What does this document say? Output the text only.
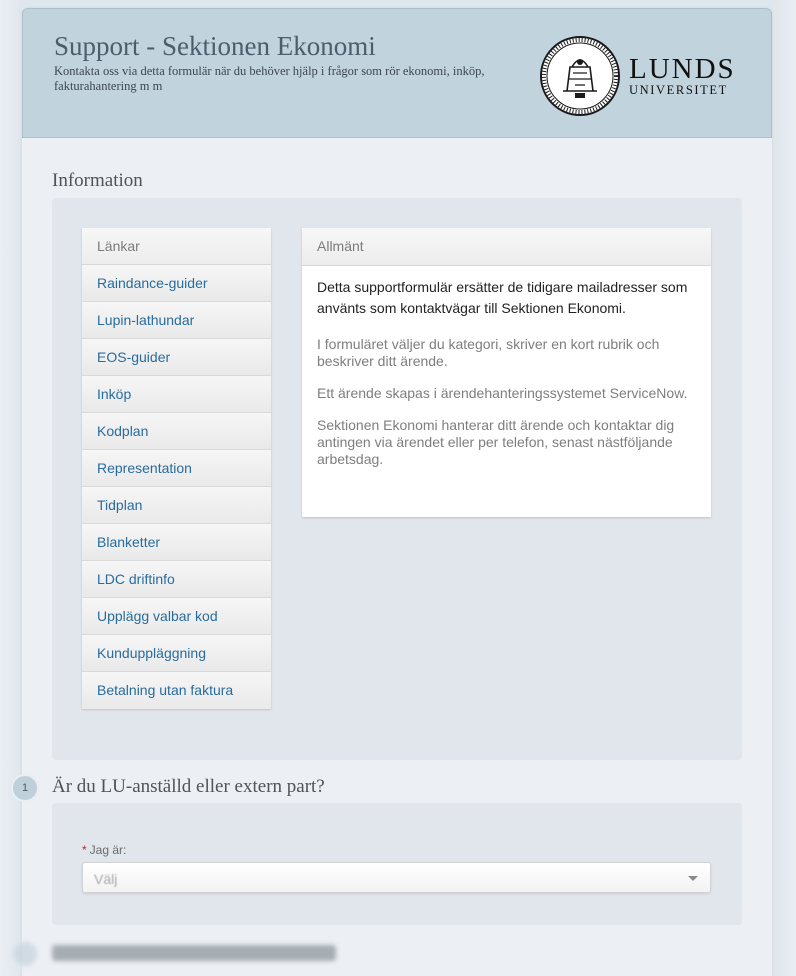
Support - Sektionen Ekonomi
Kontakta oss via detta formulär när du behöver hjälp i frågor som rör ekonomi, inköp, fakturahantering m m
LUNDS
UNIVERSITET
Information
Länkar
Raindance-guider
Lupin-lathundar
EOS-guider
Inköp
Kodplan
Representation
Tidplan
Blanketter
LDC driftinfo
Upplägg valbar kod
Kunduppläggning
Betalning utan faktura
Allmänt

Detta supportformulär ersätter de tidigare mailadresser som använts som kontaktvägar till Sektionen Ekonomi.

I formuläret väljer du kategori, skriver en kort rubrik och beskriver ditt ärende.

Ett ärende skapas i ärendehanteringssystemet ServiceNow.

Sektionen Ekonomi hanterar ditt ärende och kontaktar dig antingen via ärendet eller per telefon, senast nästföljande arbetsdag.

1	Är du LU-anställd eller extern part?
* Jag är:
Välj
